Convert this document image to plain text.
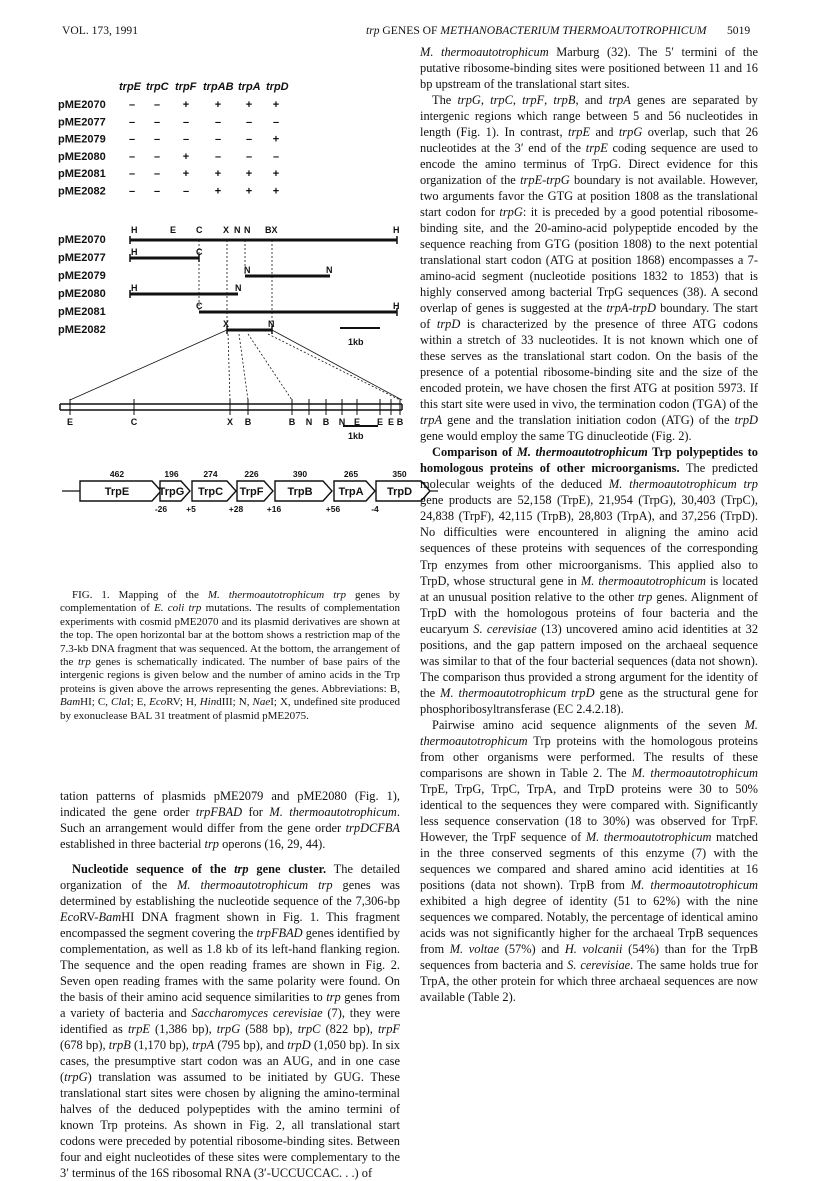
VOL. 173, 1991	trp GENES OF METHANOBACTERIUM THERMOAUTOTROPHICUM 5019
trpE trpC trpF trpAB trpA trpD
pME2070 – – + + + +
pME2077 – – – – – –
pME2079 – – – – – +
pME2080 – – + – – –
pME2081 – – + + + +
pME2082 – – – + + +
pME2070
pME2077
pME2079
pME2080
pME2081
pME2082
H	E C X N N BX	H
H	C
N	N
H	N
C	H
X	N
1kb
E	C	X B	B N B N E E E B
1kb
TrpE
462
TrpG
196
TrpC
274
TrpF
226
TrpB
390
TrpA
265
TrpD
350
-26 +5	+28	+16	+56	-4

FIG. 1. Mapping of the M. thermoautotrophicum trp genes by complementation of E. coli trp mutations. The results of complementation experiments with cosmid pME2070 and its plasmid derivatives are shown at the top. The open horizontal bar at the bottom shows a restriction map of the 7.3-kb DNA fragment that was sequenced. At the bottom, the arrangement of the trp genes is schematically indicated. The number of base pairs of the intergenic regions is given below and the number of amino acids in the Trp proteins is given above the arrows representing the genes. Abbreviations: B, BamHI; C, ClaI; E, EcoRV; H, HindIII; N, NaeI; X, undefined site produced by exonuclease BAL 31 treatment of plasmid pME2075.

tation patterns of plasmids pME2079 and pME2080 (Fig. 1), indicated the gene order trpFBAD for M. thermoautotrophicum. Such an arrangement would differ from the gene order trpDCFBA established in three bacterial trp operons (16, 29, 44).

Nucleotide sequence of the trp gene cluster. The detailed organization of the M. thermoautotrophicum trp genes was determined by establishing the nucleotide sequence of the 7,306-bp EcoRV-BamHI DNA fragment shown in Fig. 1. This fragment encompassed the segment covering the trpFBAD genes identified by complementation, as well as 1.8 kb of its left-hand flanking region. The sequence and the open reading frames are shown in Fig. 2. Seven open reading frames with the same polarity were found. On the basis of their amino acid sequence similarities to trp genes from a variety of bacteria and Saccharomyces cerevisiae (7), they were identified as trpE (1,386 bp), trpG (588 bp), trpC (822 bp), trpF (678 bp), trpB (1,170 bp), trpA (795 bp), and trpD (1,050 bp). In six cases, the presumptive start codon was an AUG, and in one case (trpG) translation was assumed to be initiated by GUG. These translational start sites were chosen by aligning the amino-terminal halves of the deduced polypeptides with the amino termini of known Trp proteins. As shown in Fig. 2, all translational start codons were preceded by potential ribosome-binding sites. Between four and eight nucleotides of these sites were complementary to the 3′ terminus of the 16S ribosomal RNA (3′-UCCUCCAC. . .) of

M. thermoautotrophicum Marburg (32). The 5′ termini of the putative ribosome-binding sites were positioned between 11 and 16 bp upstream of the translational start sites.

The trpG, trpC, trpF, trpB, and trpA genes are separated by intergenic regions which range between 5 and 56 nucleotides in length (Fig. 1). In contrast, trpE and trpG overlap, such that 26 nucleotides at the 3′ end of the trpE coding sequence are used to encode the amino terminus of TrpG. Direct evidence for this organization of the trpE-trpG boundary is not available. However, two arguments favor the GTG at position 1808 as the translational start codon for trpG: it is preceded by a good potential ribosome-binding site, and the 20-amino-acid polypeptide encoded by the sequence reaching from GTG (position 1808) to the next potential translational start codon (ATG at position 1868) encompasses a 7-amino-acid segment (nucleotide positions 1832 to 1853) that is highly conserved among bacterial TrpG sequences (38). A second overlap of genes is suggested at the trpA-trpD boundary. The start of trpD is characterized by the presence of three ATG codons within a stretch of 33 nucleotides. It is not known which one of these serves as the translational start codon. On the basis of the presence of a potential ribosome-binding site and the size of the encoded protein, we have chosen the first ATG at position 5973. If this start site were used in vivo, the termination codon (TGA) of the trpA gene and the translation initiation codon (ATG) of the trpD gene would employ the same TG dinucleotide (Fig. 2).

Comparison of M. thermoautotrophicum Trp polypeptides to homologous proteins of other microorganisms. The predicted molecular weights of the deduced M. thermoautotrophicum trp gene products are 52,158 (TrpE), 21,954 (TrpG), 30,403 (TrpC), 24,838 (TrpF), 42,115 (TrpB), 28,803 (TrpA), and 37,256 (TrpD). No difficulties were encountered in aligning the amino acid sequences of these proteins with sequences of the corresponding Trp enzymes from other microorganisms. This applied also to TrpD, whose structural gene in M. thermoautotrophicum is located at an unusual position relative to the other trp genes. Alignment of TrpD with the homologous proteins of four bacteria and the eucaryum S. cerevisiae (13) uncovered amino acid identities at 32 positions, and the gap pattern imposed on the archaeal sequence was similar to that of the four bacterial sequences (data not shown). The comparison thus provided a strong argument for the identity of the M. thermoautotrophicum trpD gene as the structural gene for phosphoribosyltransferase (EC 2.4.2.18).

Pairwise amino acid sequence alignments of the seven M. thermoautotrophicum Trp proteins with the homologous proteins from other organisms were performed. The results of these comparisons are shown in Table 2. The M. thermoautotrophicum TrpE, TrpG, TrpC, TrpA, and TrpD proteins were 30 to 50% identical to the sequences they were compared with. Significantly less sequence conservation (18 to 30%) was observed for TrpF. However, the TrpF sequence of M. thermoautotrophicum matched in the three conserved segments of this enzyme (7) with the sequences we compared and shared amino acid identities at 16 positions (data not shown). TrpB from M. thermoautotrophicum exhibited a high degree of identity (51 to 62%) with the nine sequences we compared. Notably, the percentage of identical amino acids was not significantly higher for the archaeal TrpB sequences from M. voltae (57%) and H. volcanii (54%) than for the TrpB sequences from bacteria and S. cerevisiae. The same holds true for TrpA, the other protein for which three archaeal sequences are now available (Table 2).
